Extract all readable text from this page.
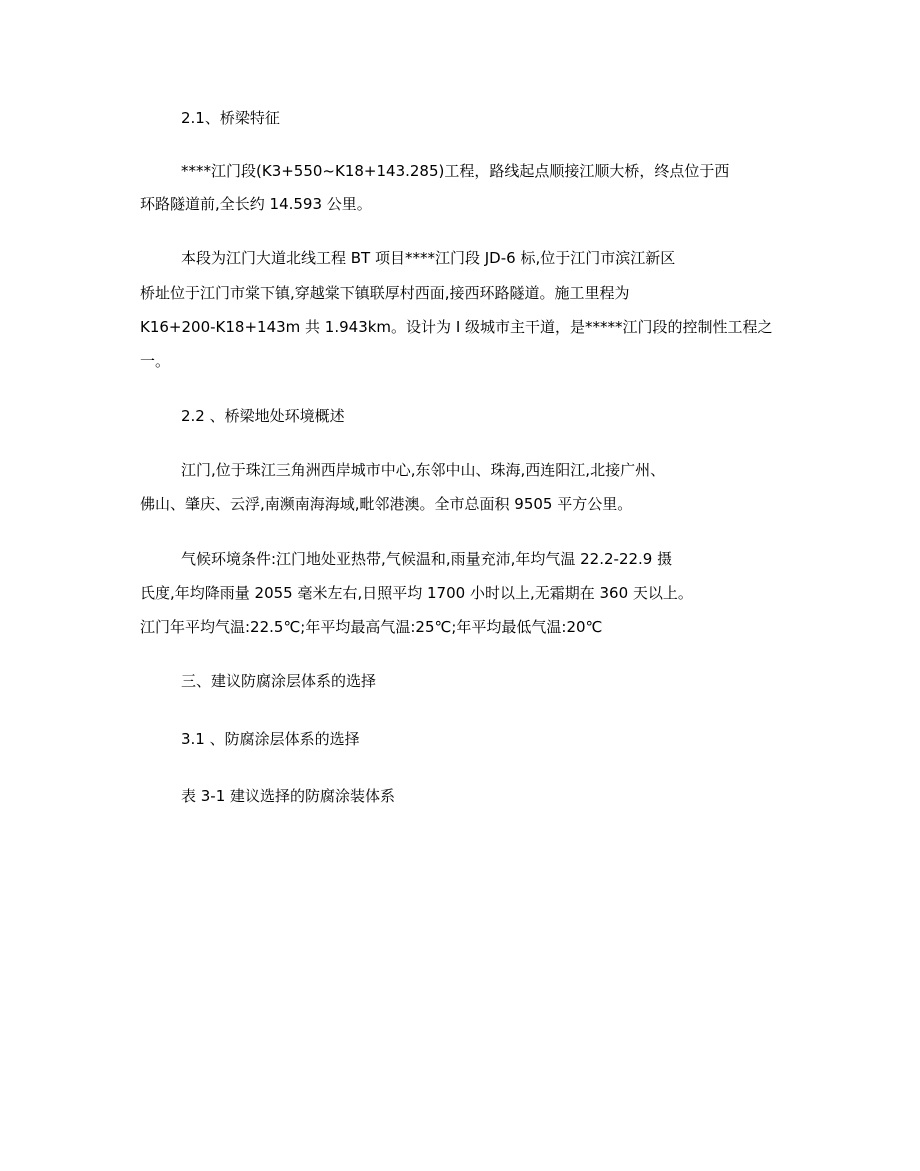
2.1、桥梁特征
****江门段(K3+550~K18+143.285)工程，路线起点顺接江顺大桥，终点位于西
环路隧道前,全长约 14.593 公里。
本段为江门大道北线工程 BT 项目****江门段 JD-6 标,位于江门市滨江新区
桥址位于江门市棠下镇,穿越棠下镇联厚村西面,接西环路隧道。施工里程为
K16+200-K18+143m 共 1.943km。设计为 I 级城市主干道，是*****江门段的控制性工程之
一。
2.2 、桥梁地处环境概述
江门,位于珠江三角洲西岸城市中心,东邻中山、珠海,西连阳江,北接广州、
佛山、肇庆、云浮,南濒南海海域,毗邻港澳。全市总面积 9505 平方公里。
气候环境条件:江门地处亚热带,气候温和,雨量充沛,年均气温 22.2-22.9 摄
氏度,年均降雨量 2055 毫米左右,日照平均 1700 小时以上,无霜期在 360 天以上。
江门年平均气温:22.5℃;年平均最高气温:25℃;年平均最低气温:20℃
三、建议防腐涂层体系的选择
3.1 、防腐涂层体系的选择
表 3-1 建议选择的防腐涂装体系
